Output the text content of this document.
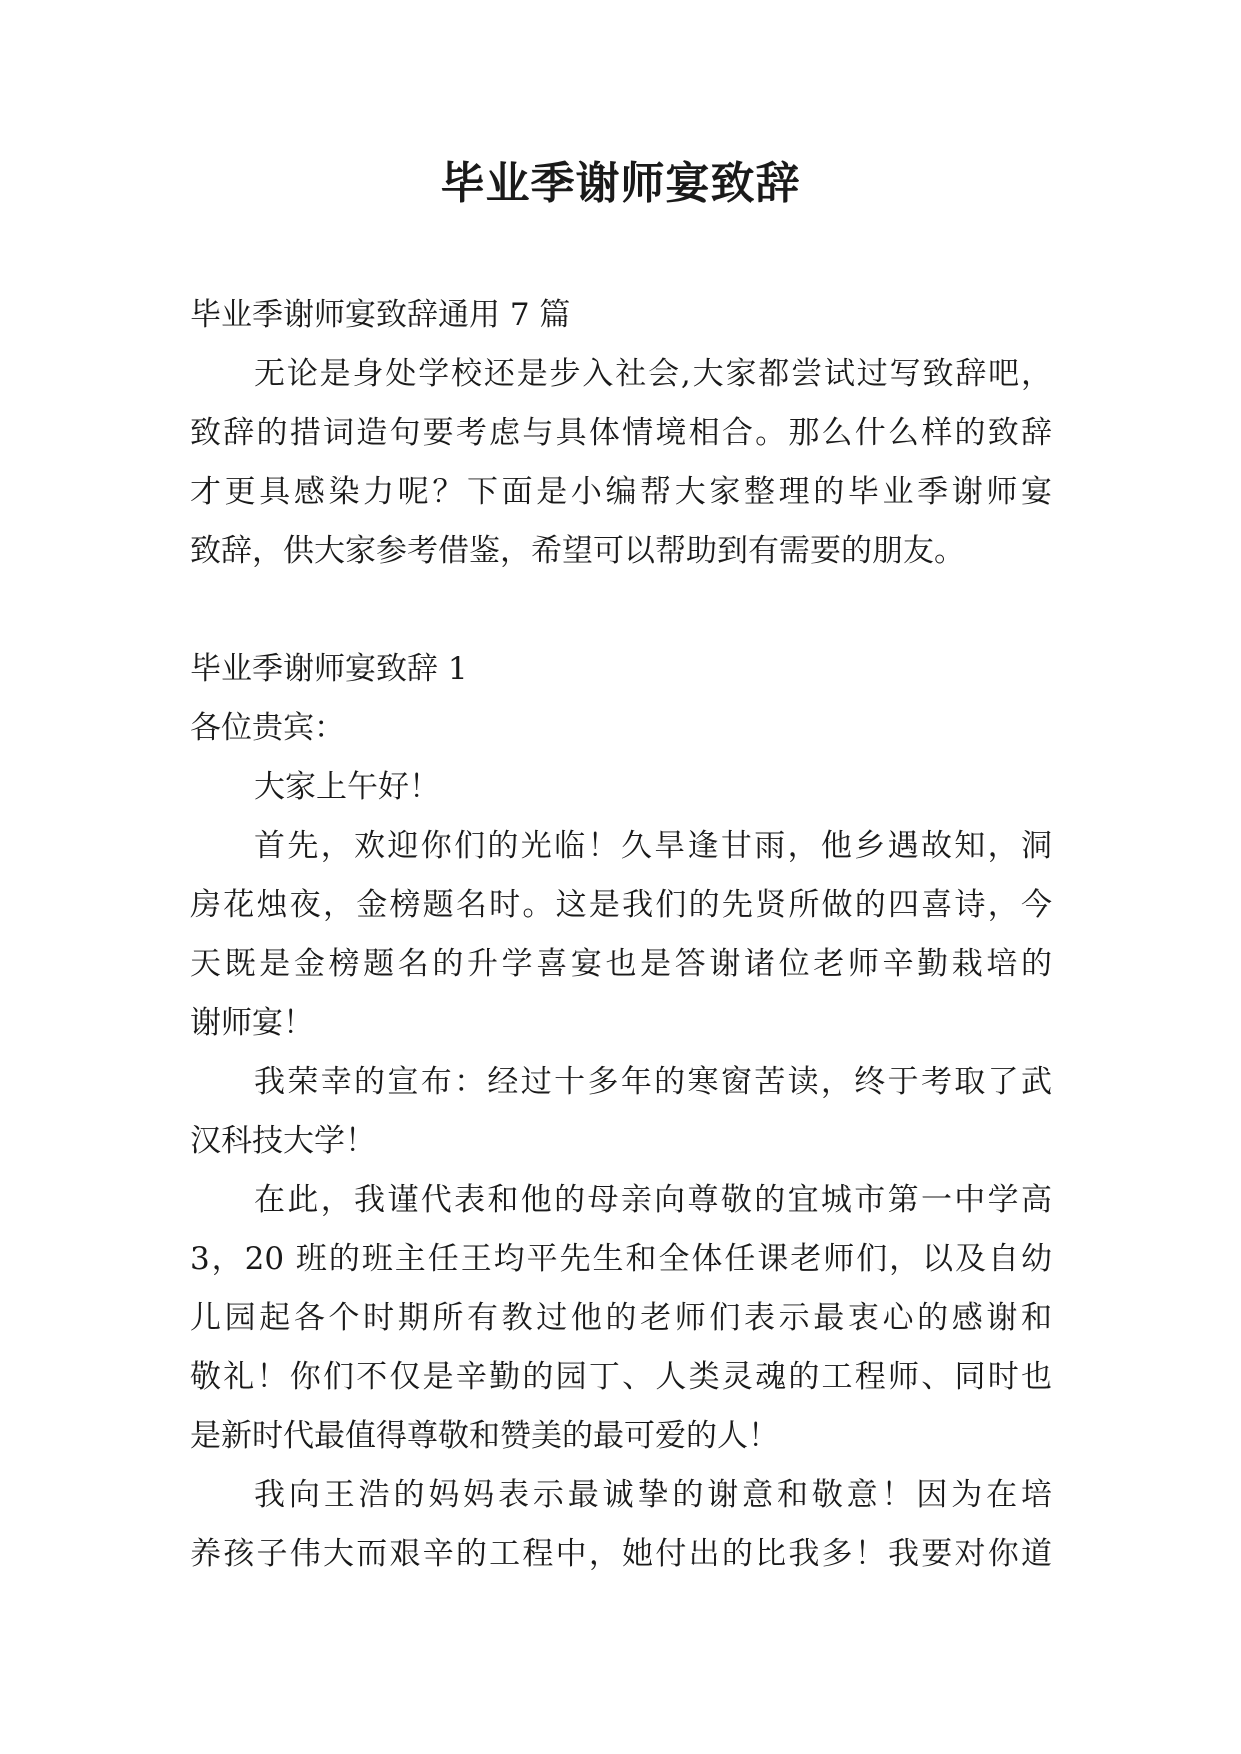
毕业季谢师宴致辞
毕业季谢师宴致辞通用 7 篇
无论是身处学校还是步入社会,大家都尝试过写致辞吧，
致辞的措词造句要考虑与具体情境相合。那么什么样的致辞
才更具感染力呢？下面是小编帮大家整理的毕业季谢师宴
致辞，供大家参考借鉴，希望可以帮助到有需要的朋友。
毕业季谢师宴致辞 1
各位贵宾：
大家上午好！
首先，欢迎你们的光临！久旱逢甘雨，他乡遇故知，洞
房花烛夜，金榜题名时。这是我们的先贤所做的四喜诗，今
天既是金榜题名的升学喜宴也是答谢诸位老师辛勤栽培的
谢师宴！
我荣幸的宣布：经过十多年的寒窗苦读，终于考取了武
汉科技大学！
在此，我谨代表和他的母亲向尊敬的宜城市第一中学高
3，20 班的班主任王均平先生和全体任课老师们，以及自幼
儿园起各个时期所有教过他的老师们表示最衷心的感谢和
敬礼！你们不仅是辛勤的园丁、人类灵魂的工程师、同时也
是新时代最值得尊敬和赞美的最可爱的人！
我向王浩的妈妈表示最诚挚的谢意和敬意！因为在培
养孩子伟大而艰辛的工程中，她付出的比我多！我要对你道
